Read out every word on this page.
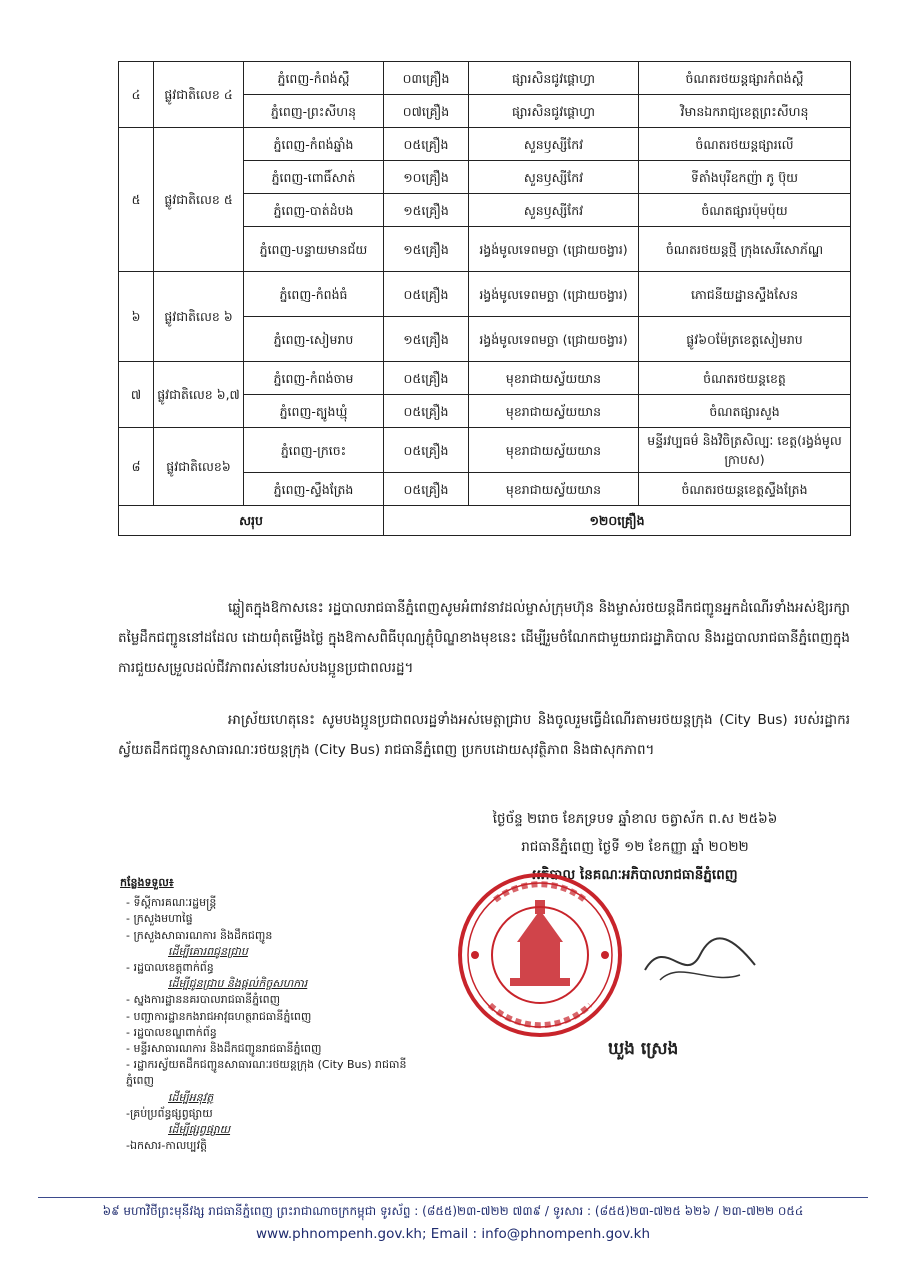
៤	ផ្លូវជាតិលេខ ៤	ភ្នំពេញ-កំពង់ស្ពឺ	០៣គ្រឿង	ផ្សារសិនជូវផ្ដោហ្វា	ចំណតរថយន្តផ្សារកំពង់ស្ពឺ
		ភ្នំពេញ-ព្រះសីហនុ	០៧គ្រឿង	ផ្សារសិនជូវផ្ដោហ្វា	វិមានឯករាជ្យខេត្តព្រះសីហនុ
៥	ផ្លូវជាតិលេខ ៥	ភ្នំពេញ-កំពង់ឆ្នាំង	០៥គ្រឿង	សួនឫស្សីកែវ	ចំណតរថយន្តផ្សារលើ
		ភ្នំពេញ-ពោធិ៍សាត់	១០គ្រឿង	សួនឫស្សីកែវ	ទីតាំងបុរីឧកញ៉ា ភូ ប៊ុយ
		ភ្នំពេញ-បាត់ដំបង	១៥គ្រឿង	សួនឫស្សីកែវ	ចំណតផ្សារប៉ុមប៉ុយ
		ភ្នំពេញ-បន្ទាយមានជ័យ	១៥គ្រឿង	រង្វង់មូលទេពមច្ឆា (ជ្រោយចង្វារ)	ចំណតរថយន្តថ្មី ក្រុងសេរីសោភ័ណ្ឌ
៦	ផ្លូវជាតិលេខ ៦	ភ្នំពេញ-កំពង់ធំ	០៥គ្រឿង	រង្វង់មូលទេពមច្ឆា (ជ្រោយចង្វារ)	ភោជនីយដ្ឋានស្ទឹងសែន
		ភ្នំពេញ-សៀមរាប	១៥គ្រឿង	រង្វង់មូលទេពមច្ឆា (ជ្រោយចង្វារ)	ផ្លូវ៦០ម៉ែត្រខេត្តសៀមរាប
៧	ផ្លូវជាតិលេខ ៦,៧	ភ្នំពេញ-កំពង់ចាម	០៥គ្រឿង	មុខរាជាយស្វ័យយាន	ចំណតរថយន្តខេត្ត
		ភ្នំពេញ-ត្បូងឃ្មុំ	០៥គ្រឿង	មុខរាជាយស្វ័យយាន	ចំណតផ្សារសួង
៨	ផ្លូវជាតិលេខ៦	ភ្នំពេញ-ក្រចេះ	០៥គ្រឿង	មុខរាជាយស្វ័យយាន	មន្ទីរវប្បធម៌ និងវិចិត្រសិល្បៈ ខេត្ត(រង្វង់មូលក្រាបស)
		ភ្នំពេញ-ស្ទឹងត្រែង	០៥គ្រឿង	មុខរាជាយស្វ័យយាន	ចំណតរថយន្តខេត្តស្ទឹងត្រែង
សរុប			១២០គ្រឿង		
ឆ្លៀតក្នុងឱកាសនេះ រដ្ឋបាលរាជធានីភ្នំពេញសូមអំពាវនាវដល់ម្ចាស់ក្រុមហ៊ុន និងម្ចាស់រថយន្តដឹកជញ្ជូនអ្នកដំណើរទាំងអស់ឱ្យរក្សាតម្លៃដឹកជញ្ជូននៅដដែល ដោយពុំតម្លើងថ្លៃ ក្នុងឱកាសពិធីបុណ្យភ្ជុំបិណ្ឌខាងមុខនេះ ដើម្បីរួមចំណែកជាមួយរាជរដ្ឋាភិបាល និងរដ្ឋបាលរាជធានីភ្នំពេញក្នុងការជួយសម្រួលដល់ជីវភាពរស់នៅរបស់បងប្អូនប្រជាពលរដ្ឋ។
អាស្រ័យហេតុនេះ សូមបងប្អូនប្រជាពលរដ្ឋទាំងអស់មេត្តាជ្រាប និងចូលរួមធ្វើដំណើរតាមរថយន្តក្រុង (City Bus) របស់រដ្ឋាករស្វ័យតដឹកជញ្ជូនសាធារណៈរថយន្តក្រុង (City Bus) រាជធានីភ្នំពេញ ប្រកបដោយសុវត្ថិភាព និងផាសុកភាព។
ថ្ងៃច័ន្ទ ២រោច ខែភទ្របទ ឆ្នាំខាល ចត្វាស័ក ព.ស ២៥៦៦
រាជធានីភ្នំពេញ ថ្ងៃទី ១២ ខែកញ្ញា ឆ្នាំ ២០២២
អភិបាល នៃគណៈអភិបាលរាជធានីភ្នំពេញ
កន្លែងទទួល៖
- ទីស្ដីការគណៈរដ្ឋមន្ត្រី
- ក្រសួងមហាផ្ទៃ
- ក្រសួងសាធារណការ និងដឹកជញ្ជូន
ដើម្បីគោរពជូនជ្រាប
- រដ្ឋបាលខេត្តពាក់ព័ន្ធ
ដើម្បីជូនជ្រាប និងផ្ដល់កិច្ចសហការ
- ស្នងការដ្ឋាននគរបាលរាជធានីភ្នំពេញ
- បញ្ជាការដ្ឋានកងរាជអាវុធហត្ថរាជធានីភ្នំពេញ
- រដ្ឋបាលខណ្ឌពាក់ព័ន្ធ
- មន្ទីរសាធារណការ និងដឹកជញ្ជូនរាជធានីភ្នំពេញ
- រដ្ឋាករស្វ័យតដឹកជញ្ជូនសាធារណៈរថយន្តក្រុង (City Bus) រាជធានីភ្នំពេញ
ដើម្បីអនុវត្ត
-គ្រប់ប្រព័ន្ធផ្សព្វផ្សាយ
ដើម្បីផ្សព្វផ្សាយ
-ឯកសារ-កាលប្បវត្តិ
ឃួង ស្រេង
៦៩ មហាវិថីព្រះមុនីវង្ស រាជធានីភ្នំពេញ ព្រះរាជាណាចក្រកម្ពុជា ទូរស័ព្ទ : (៨៥៥)២៣-៧២២ ៧៣៩ / ទូរសារ : (៨៥៥)២៣-៧២៥ ៦២៦ / ២៣-៧២២ ០៥៤
www.phnompenh.gov.kh; Email : info@phnompenh.gov.kh
